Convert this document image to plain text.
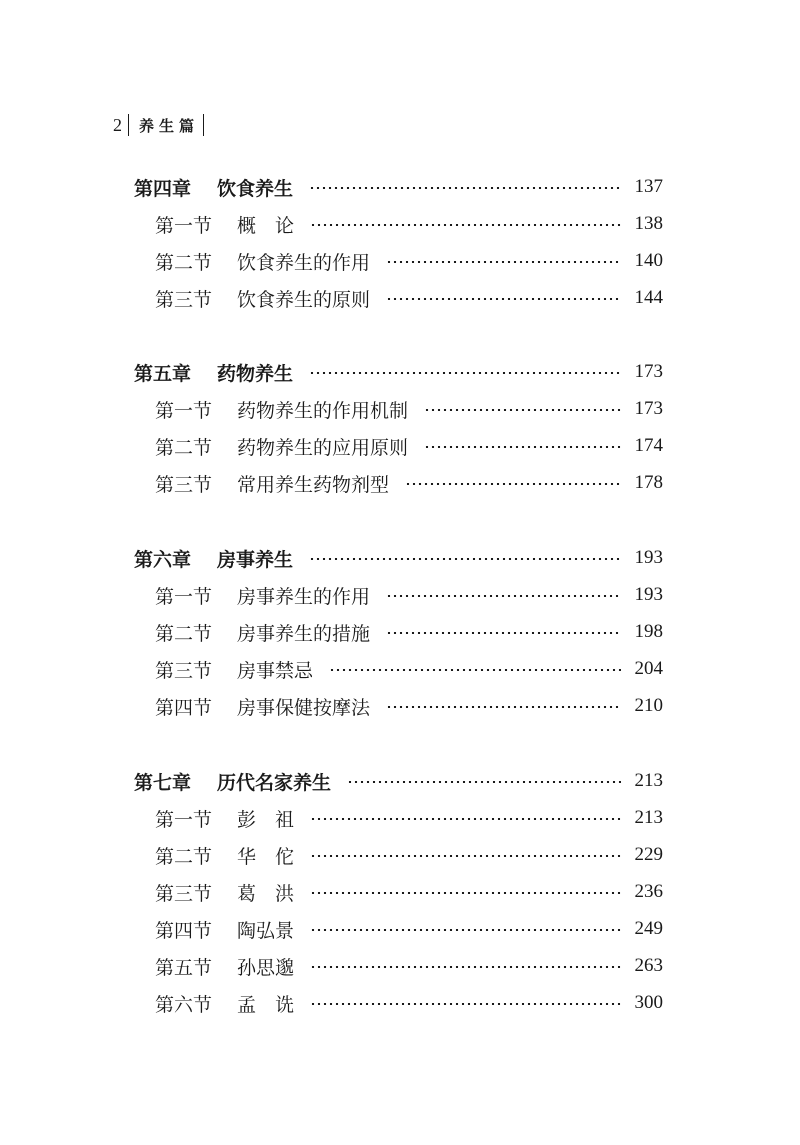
2	养生篇
第四章	饮食养生	137
第一节	概　论	138
第二节	饮食养生的作用	140
第三节	饮食养生的原则	144
第五章	药物养生	173
第一节	药物养生的作用机制	173
第二节	药物养生的应用原则	174
第三节	常用养生药物剂型	178
第六章	房事养生	193
第一节	房事养生的作用	193
第二节	房事养生的措施	198
第三节	房事禁忌	204
第四节	房事保健按摩法	210
第七章	历代名家养生	213
第一节	彭　祖	213
第二节	华　佗	229
第三节	葛　洪	236
第四节	陶弘景	249
第五节	孙思邈	263
第六节	孟　诜	300
